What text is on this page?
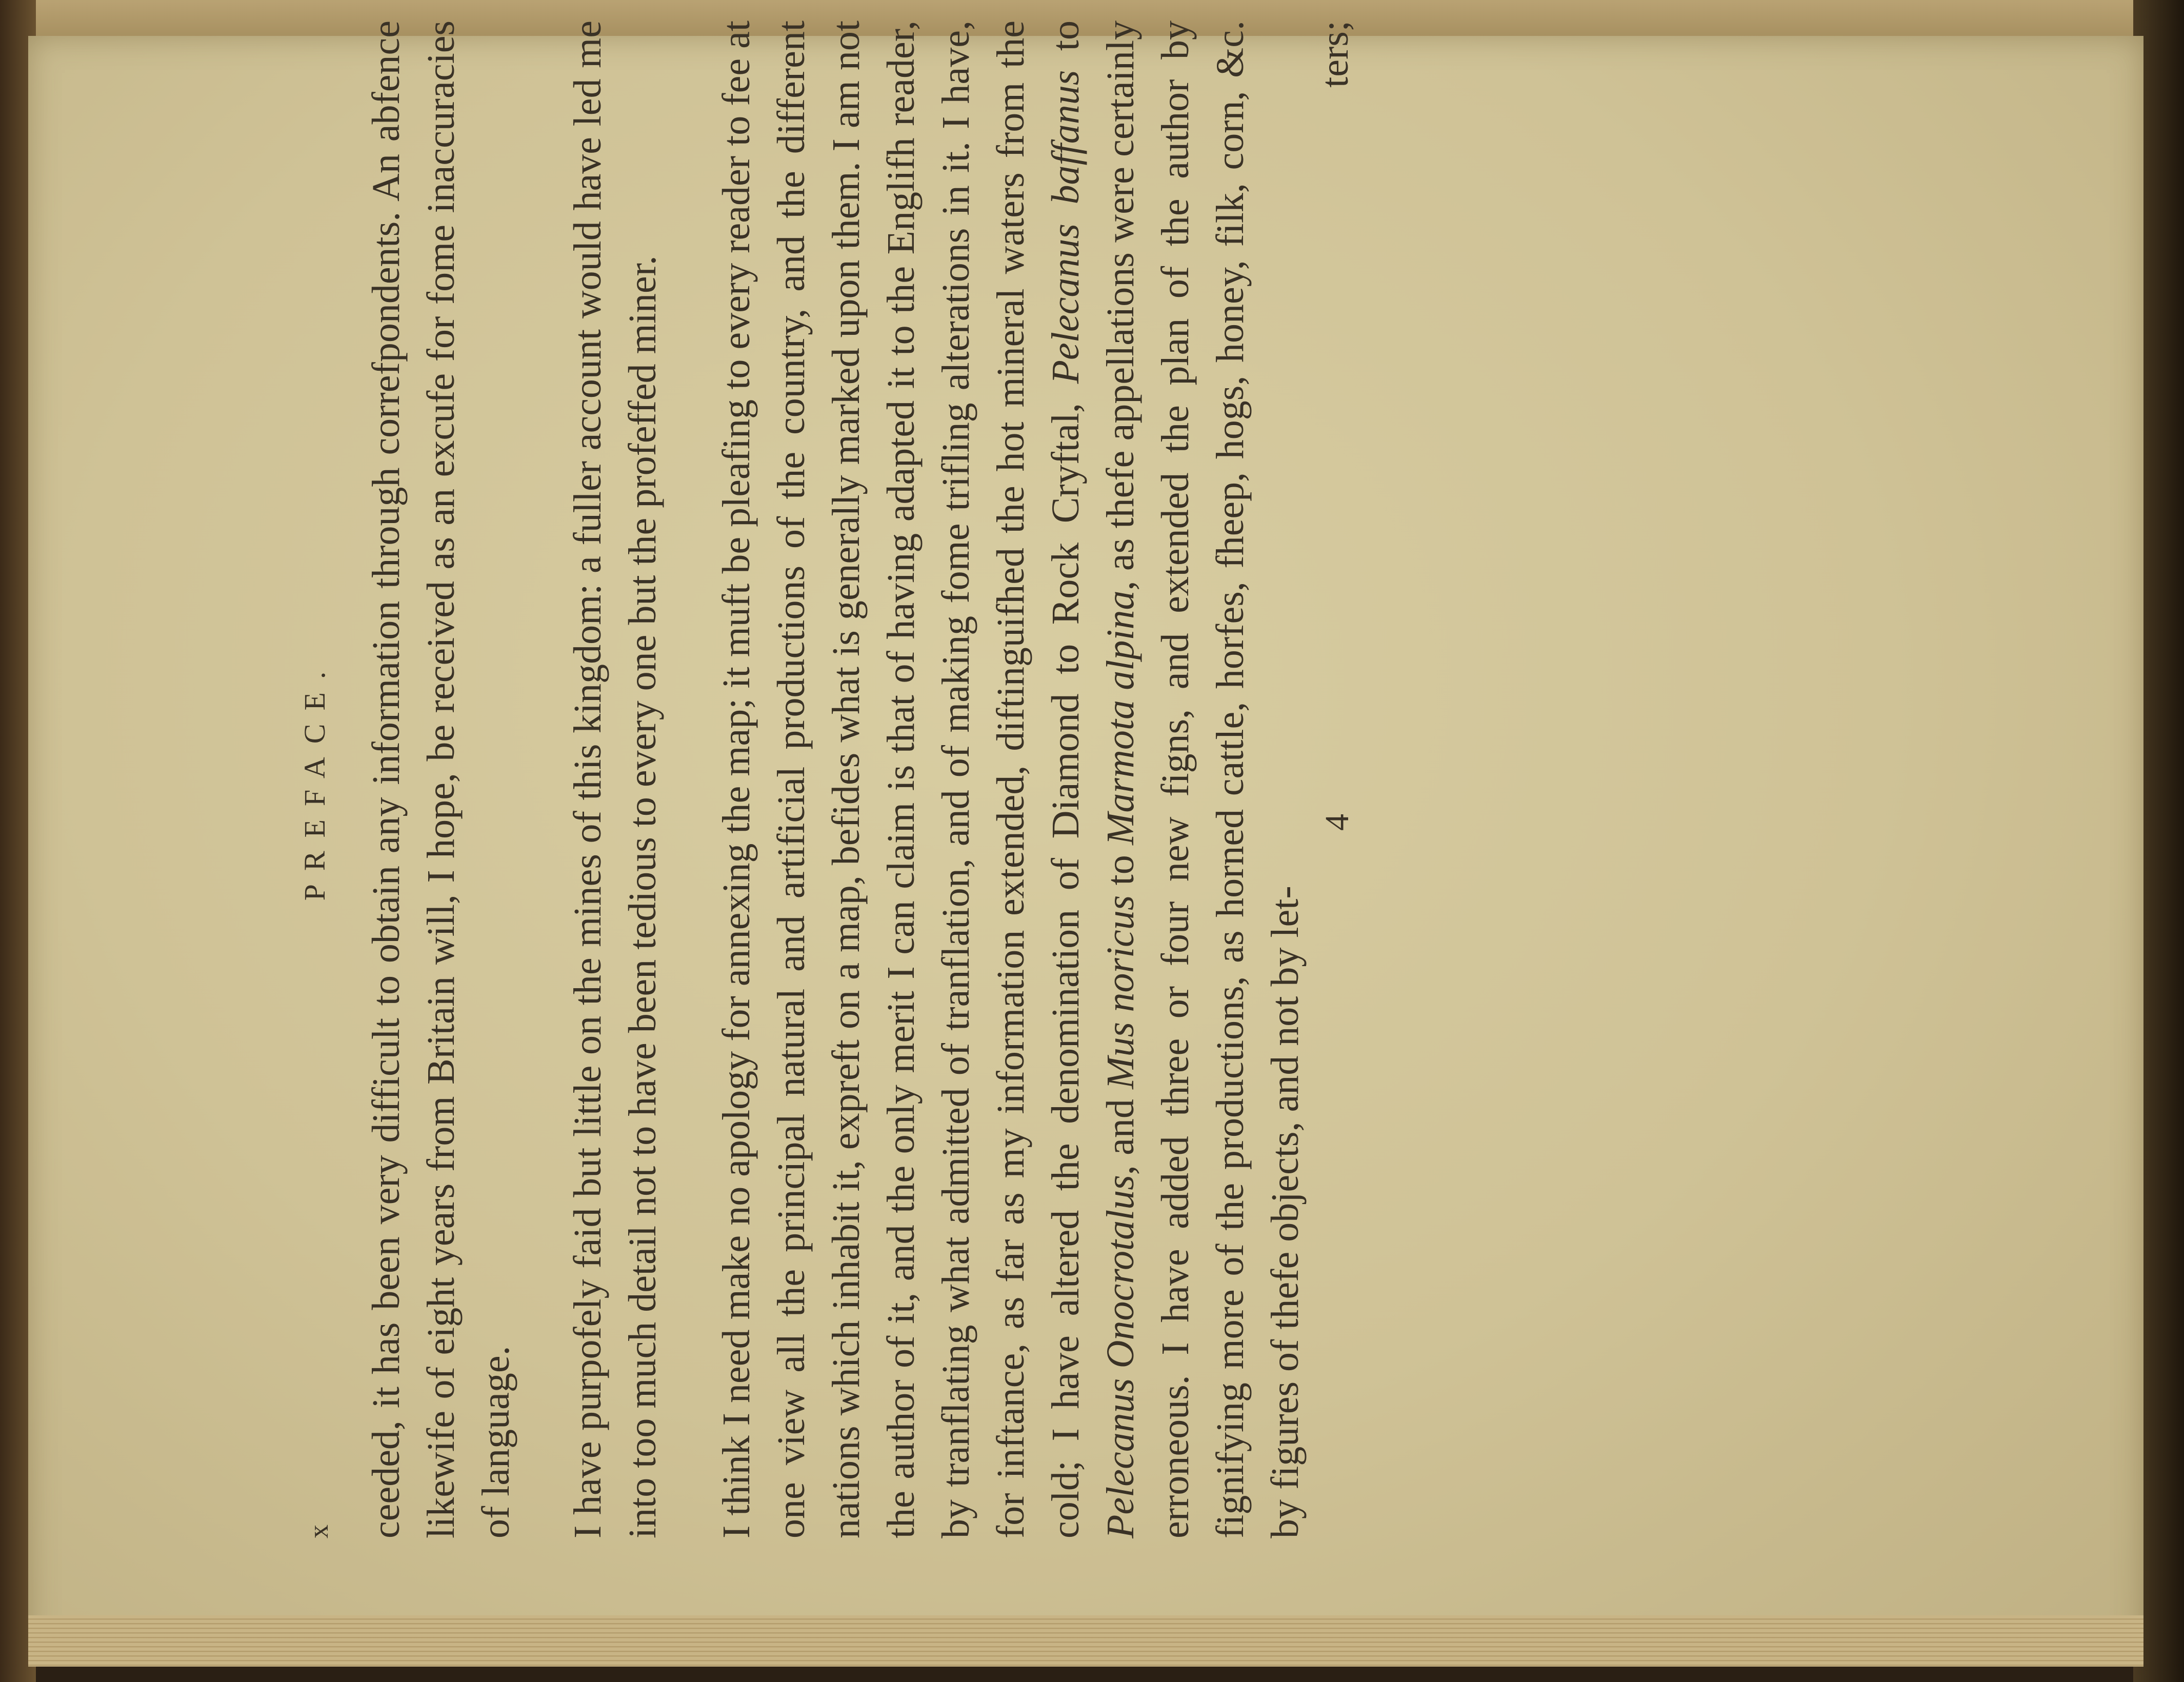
x
PREFACE. ceeded, it has been very difficult to obtain any information through correfpondents. An abfence likewife of eight years from Britain will, I hope, be received as an excufe for fome inaccuracies of language. I have purpofely faid but little on the mines of this kingdom: a fuller account would have led me into too much detail not to have been tedious to every one but the profeffed miner. I think I need make no apology for annexing the map; it muft be pleafing to every reader to fee at one view all the principal natural and artificial productions of the country, and the different nations which inhabit it, expreft on a map, befides what is generally marked upon them. I am not the author of it, and the only merit I can claim is that of having adapted it to the Englifh reader, by tranflating what admitted of tranflation, and of making fome trifling alterations in it. I have, for inftance, as far as my information extended, diftinguifhed the hot mineral waters from the cold; I have altered the denomination of Diamond to Rock Cryftal, Pelecanus baffanus to Pelecanus Onocrotalus, and Mus noricus to Marmota alpina, as thefe appellations were certainly erroneous. I have added three or four new figns, and extended the plan of the author by fignifying more of the productions, as horned cattle, horfes, fheep, hogs, honey, filk, corn, &c. by figures of thefe objects, and not by let-

4
ters;
